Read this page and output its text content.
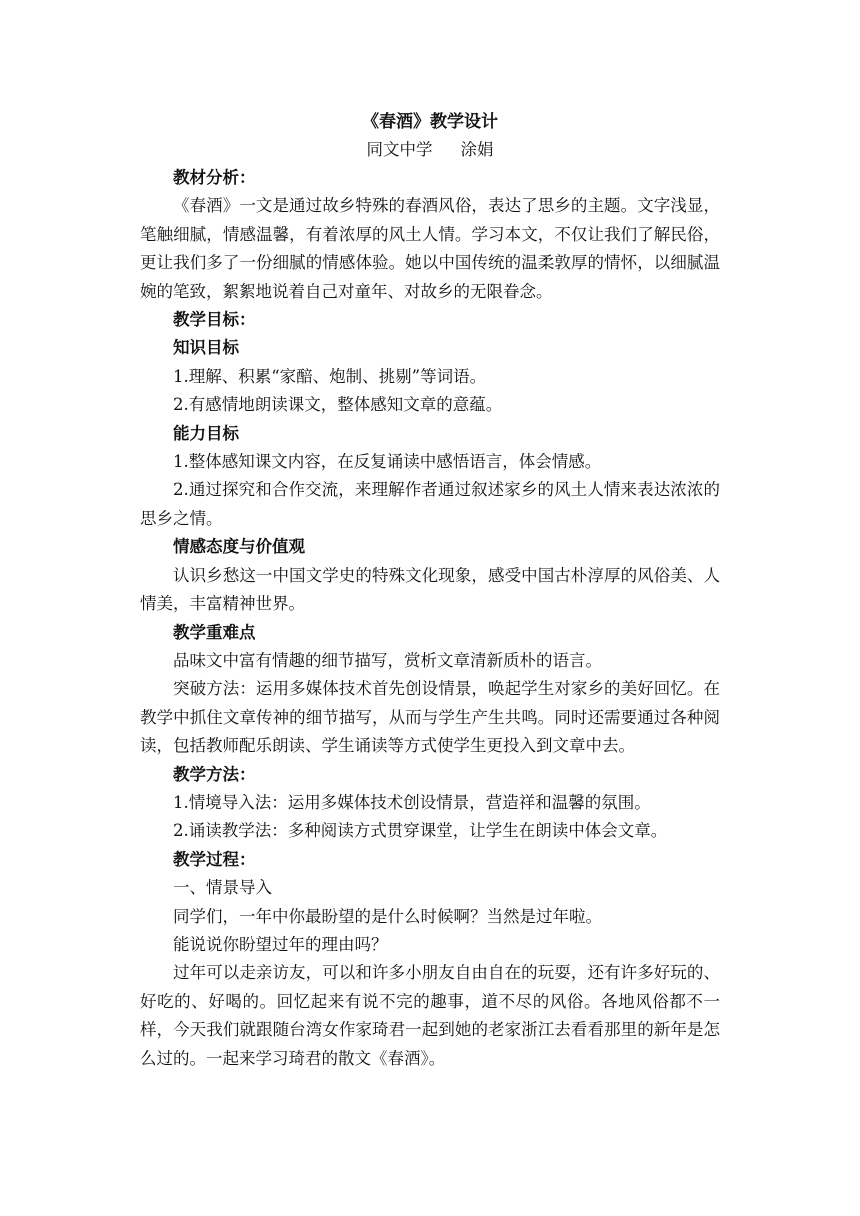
《春酒》教学设计
同文中学 涂娟
教材分析：
《春酒》一文是通过故乡特殊的春酒风俗，表达了思乡的主题。文字浅显，笔触细腻，情感温馨，有着浓厚的风土人情。学习本文，不仅让我们了解民俗，更让我们多了一份细腻的情感体验。她以中国传统的温柔敦厚的情怀，以细腻温婉的笔致，絮絮地说着自己对童年、对故乡的无限眷念。
教学目标：
知识目标
1.理解、积累“家醅、炮制、挑剔”等词语。
2.有感情地朗读课文，整体感知文章的意蕴。
能力目标
1.整体感知课文内容，在反复诵读中感悟语言，体会情感。
2.通过探究和合作交流，来理解作者通过叙述家乡的风土人情来表达浓浓的思乡之情。
情感态度与价值观
认识乡愁这一中国文学史的特殊文化现象，感受中国古朴淳厚的风俗美、人情美，丰富精神世界。
教学重难点
品味文中富有情趣的细节描写，赏析文章清新质朴的语言。
突破方法：运用多媒体技术首先创设情景，唤起学生对家乡的美好回忆。在教学中抓住文章传神的细节描写，从而与学生产生共鸣。同时还需要通过各种阅读，包括教师配乐朗读、学生诵读等方式使学生更投入到文章中去。
教学方法：
1.情境导入法：运用多媒体技术创设情景，营造祥和温馨的氛围。
2.诵读教学法：多种阅读方式贯穿课堂，让学生在朗读中体会文章。
教学过程：
一、情景导入
同学们，一年中你最盼望的是什么时候啊？当然是过年啦。
能说说你盼望过年的理由吗？
过年可以走亲访友，可以和许多小朋友自由自在的玩耍，还有许多好玩的、好吃的、好喝的。回忆起来有说不完的趣事，道不尽的风俗。各地风俗都不一样，今天我们就跟随台湾女作家琦君一起到她的老家浙江去看看那里的新年是怎么过的。一起来学习琦君的散文《春酒》。
